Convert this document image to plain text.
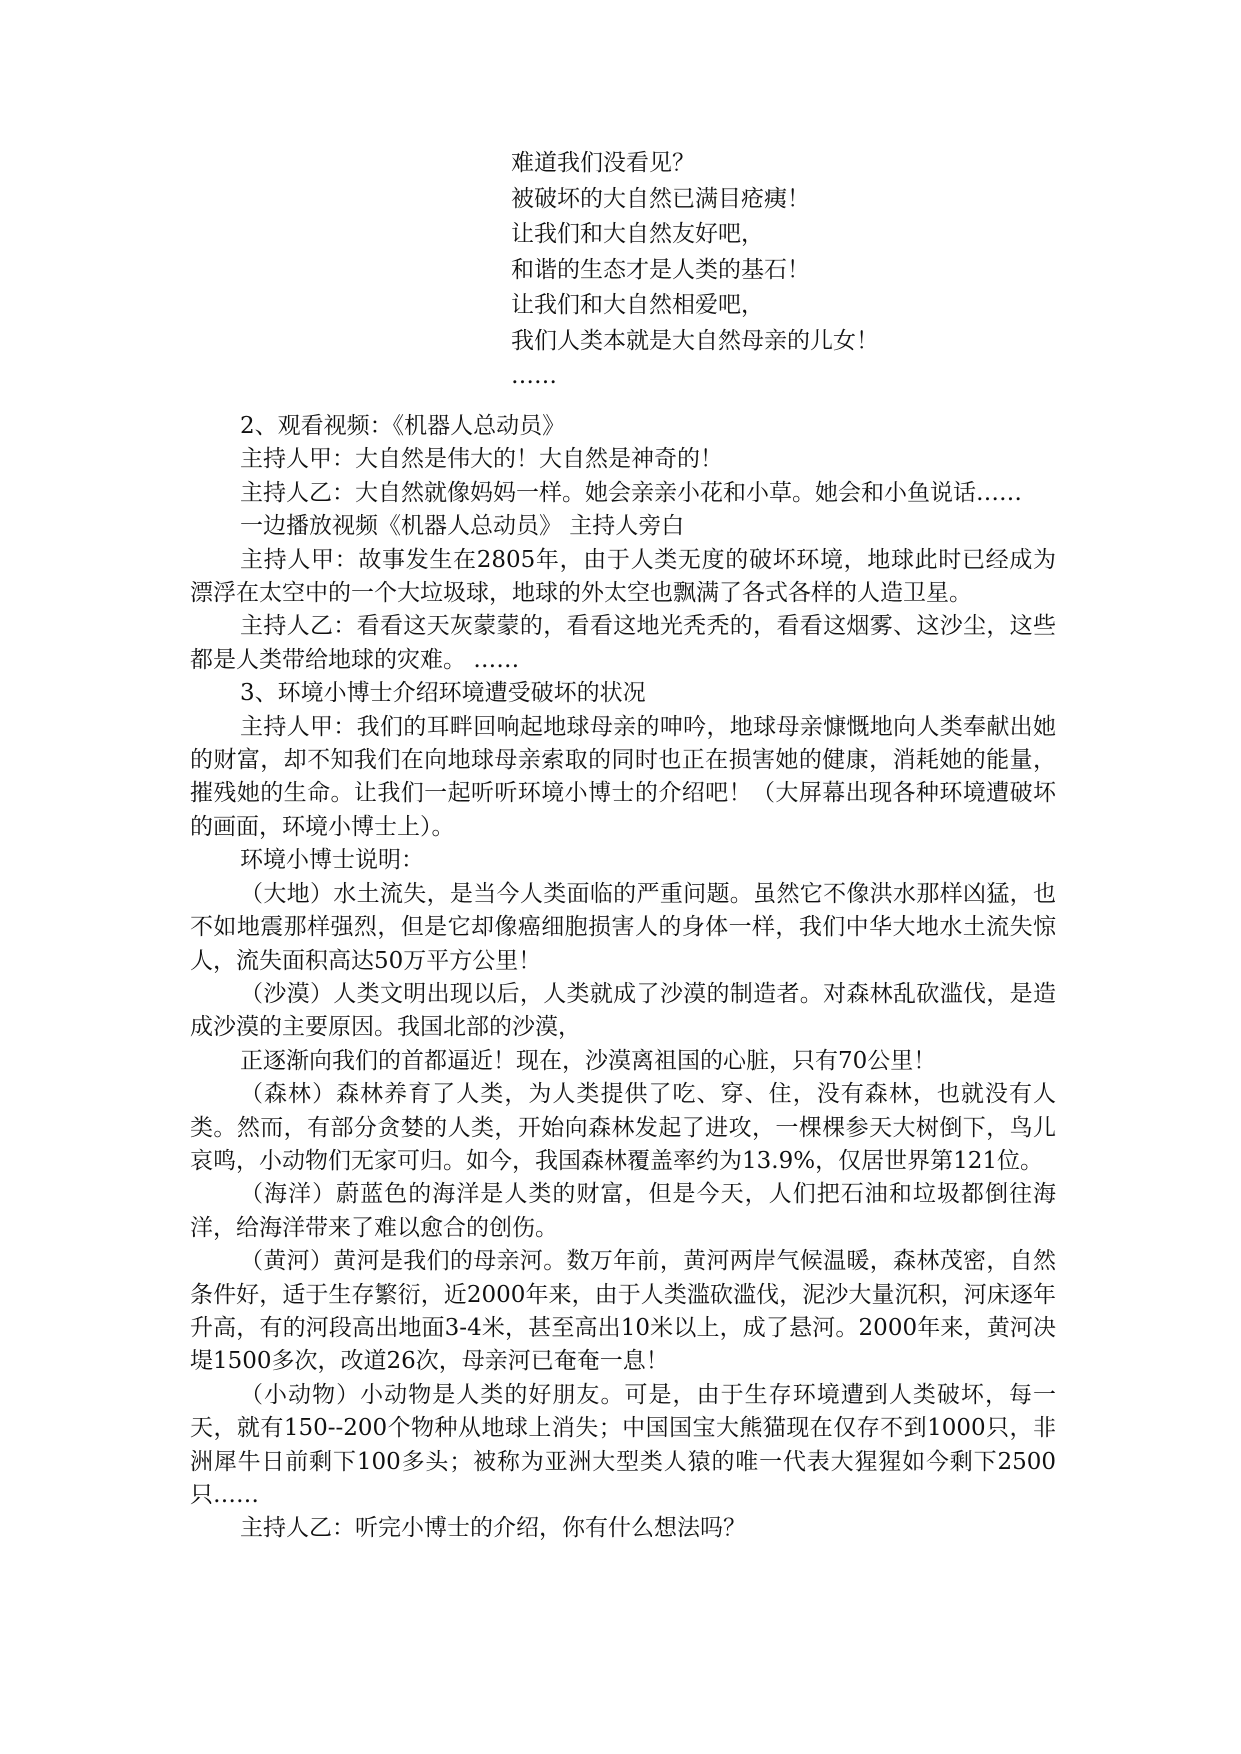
难道我们没看见？
被破坏的大自然已满目疮痍！
让我们和大自然友好吧，
和谐的生态才是人类的基石！
让我们和大自然相爱吧，
我们人类本就是大自然母亲的儿女！
……

2、观看视频：《机器人总动员》

主持人甲：大自然是伟大的！大自然是神奇的！

主持人乙：大自然就像妈妈一样。她会亲亲小花和小草。她会和小鱼说话……

一边播放视频《机器人总动员》 主持人旁白

主持人甲：故事发生在2805年，由于人类无度的破坏环境，地球此时已经成为漂浮在太空中的一个大垃圾球，地球的外太空也飘满了各式各样的人造卫星。

主持人乙：看看这天灰蒙蒙的，看看这地光秃秃的，看看这烟雾、这沙尘，这些都是人类带给地球的灾难。 ……

3、环境小博士介绍环境遭受破坏的状况

主持人甲：我们的耳畔回响起地球母亲的呻吟，地球母亲慷慨地向人类奉献出她的财富，却不知我们在向地球母亲索取的同时也正在损害她的健康，消耗她的能量，摧残她的生命。让我们一起听听环境小博士的介绍吧！（大屏幕出现各种环境遭破坏的画面，环境小博士上）。

环境小博士说明：

（大地）水土流失，是当今人类面临的严重问题。虽然它不像洪水那样凶猛，也不如地震那样强烈，但是它却像癌细胞损害人的身体一样，我们中华大地水土流失惊人，流失面积高达50万平方公里！

（沙漠）人类文明出现以后，人类就成了沙漠的制造者。对森林乱砍滥伐，是造成沙漠的主要原因。我国北部的沙漠，

正逐渐向我们的首都逼近！现在，沙漠离祖国的心脏，只有70公里！

（森林）森林养育了人类，为人类提供了吃、穿、住，没有森林，也就没有人类。然而，有部分贪婪的人类，开始向森林发起了进攻，一棵棵参天大树倒下，鸟儿哀鸣，小动物们无家可归。如今，我国森林覆盖率约为13.9%，仅居世界第121位。

（海洋）蔚蓝色的海洋是人类的财富，但是今天，人们把石油和垃圾都倒往海洋，给海洋带来了难以愈合的创伤。

（黄河）黄河是我们的母亲河。数万年前，黄河两岸气候温暖，森林茂密，自然条件好，适于生存繁衍，近2000年来，由于人类滥砍滥伐，泥沙大量沉积，河床逐年升高，有的河段高出地面3-4米，甚至高出10米以上，成了悬河。2000年来，黄河决堤1500多次，改道26次，母亲河已奄奄一息！

（小动物）小动物是人类的好朋友。可是，由于生存环境遭到人类破坏，每一天，就有150--200个物种从地球上消失；中国国宝大熊猫现在仅存不到1000只，非洲犀牛日前剩下100多头；被称为亚洲大型类人猿的唯一代表大猩猩如今剩下2500只……

主持人乙：听完小博士的介绍，你有什么想法吗？
